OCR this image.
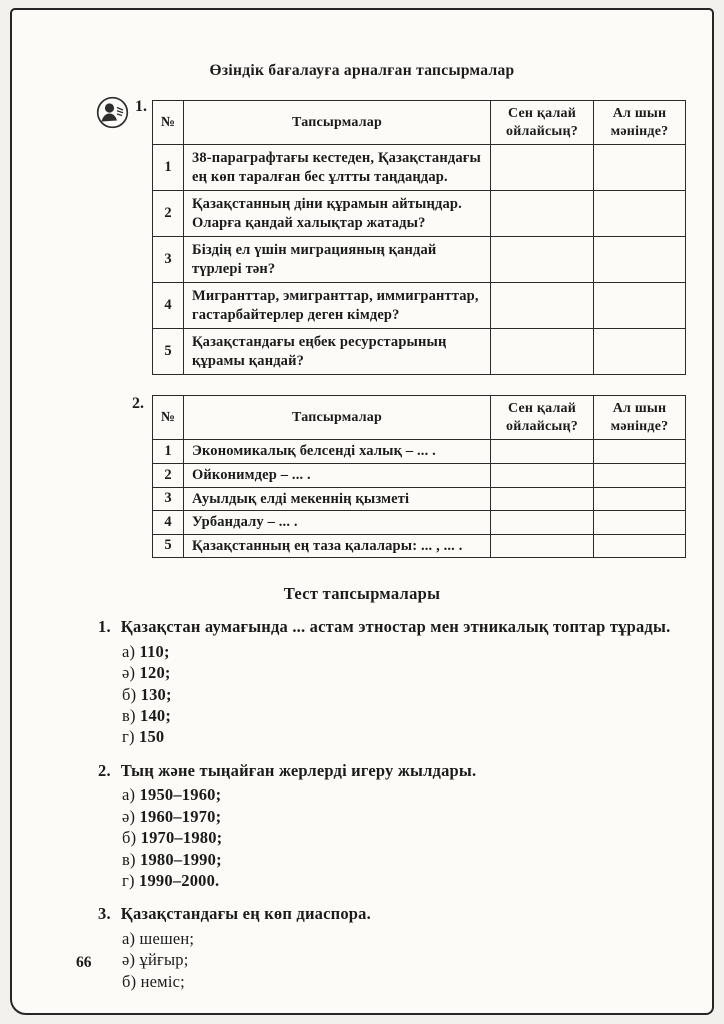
Өзіндік бағалауға арналған тапсырмалар
1.
№	Тапсырмалар	Сен қалай ойлайсың?	Ал шын мәнінде?
1	38-параграфтағы кестеден, Қазақстандағы ең көп таралған бес ұлтты таңдаңдар.		
2	Қазақстанның діни құрамын айтыңдар. Оларға қандай халықтар жатады?		
3	Біздің ел үшін миграцияның қандай түрлері тән?		
4	Мигранттар, эмигранттар, иммигранттар, гастарбайтерлер деген кімдер?		
5	Қазақстандағы еңбек ресурстарының құрамы қандай?		
2.
№	Тапсырмалар	Сен қалай ойлайсың?	Ал шын мәнінде?
1	Экономикалық белсенді халық – ... .		
2	Ойконимдер – ... .		
3	Ауылдық елді мекеннің қызметі		
4	Урбандалу – ... .		
5	Қазақстанның ең таза қалалары: ... , ... .		
Тест тапсырмалары
1. Қазақстан аумағында ... астам этностар мен этникалық топтар тұрады.
а) 110;
ә) 120;
б) 130;
в) 140;
г) 150
2. Тың және тыңайған жерлерді игеру жылдары.
а) 1950–1960;
ә) 1960–1970;
б) 1970–1980;
в) 1980–1990;
г) 1990–2000.
3. Қазақстандағы ең көп диаспора.
а) шешен;
ә) ұйғыр;
б) неміс;
66
